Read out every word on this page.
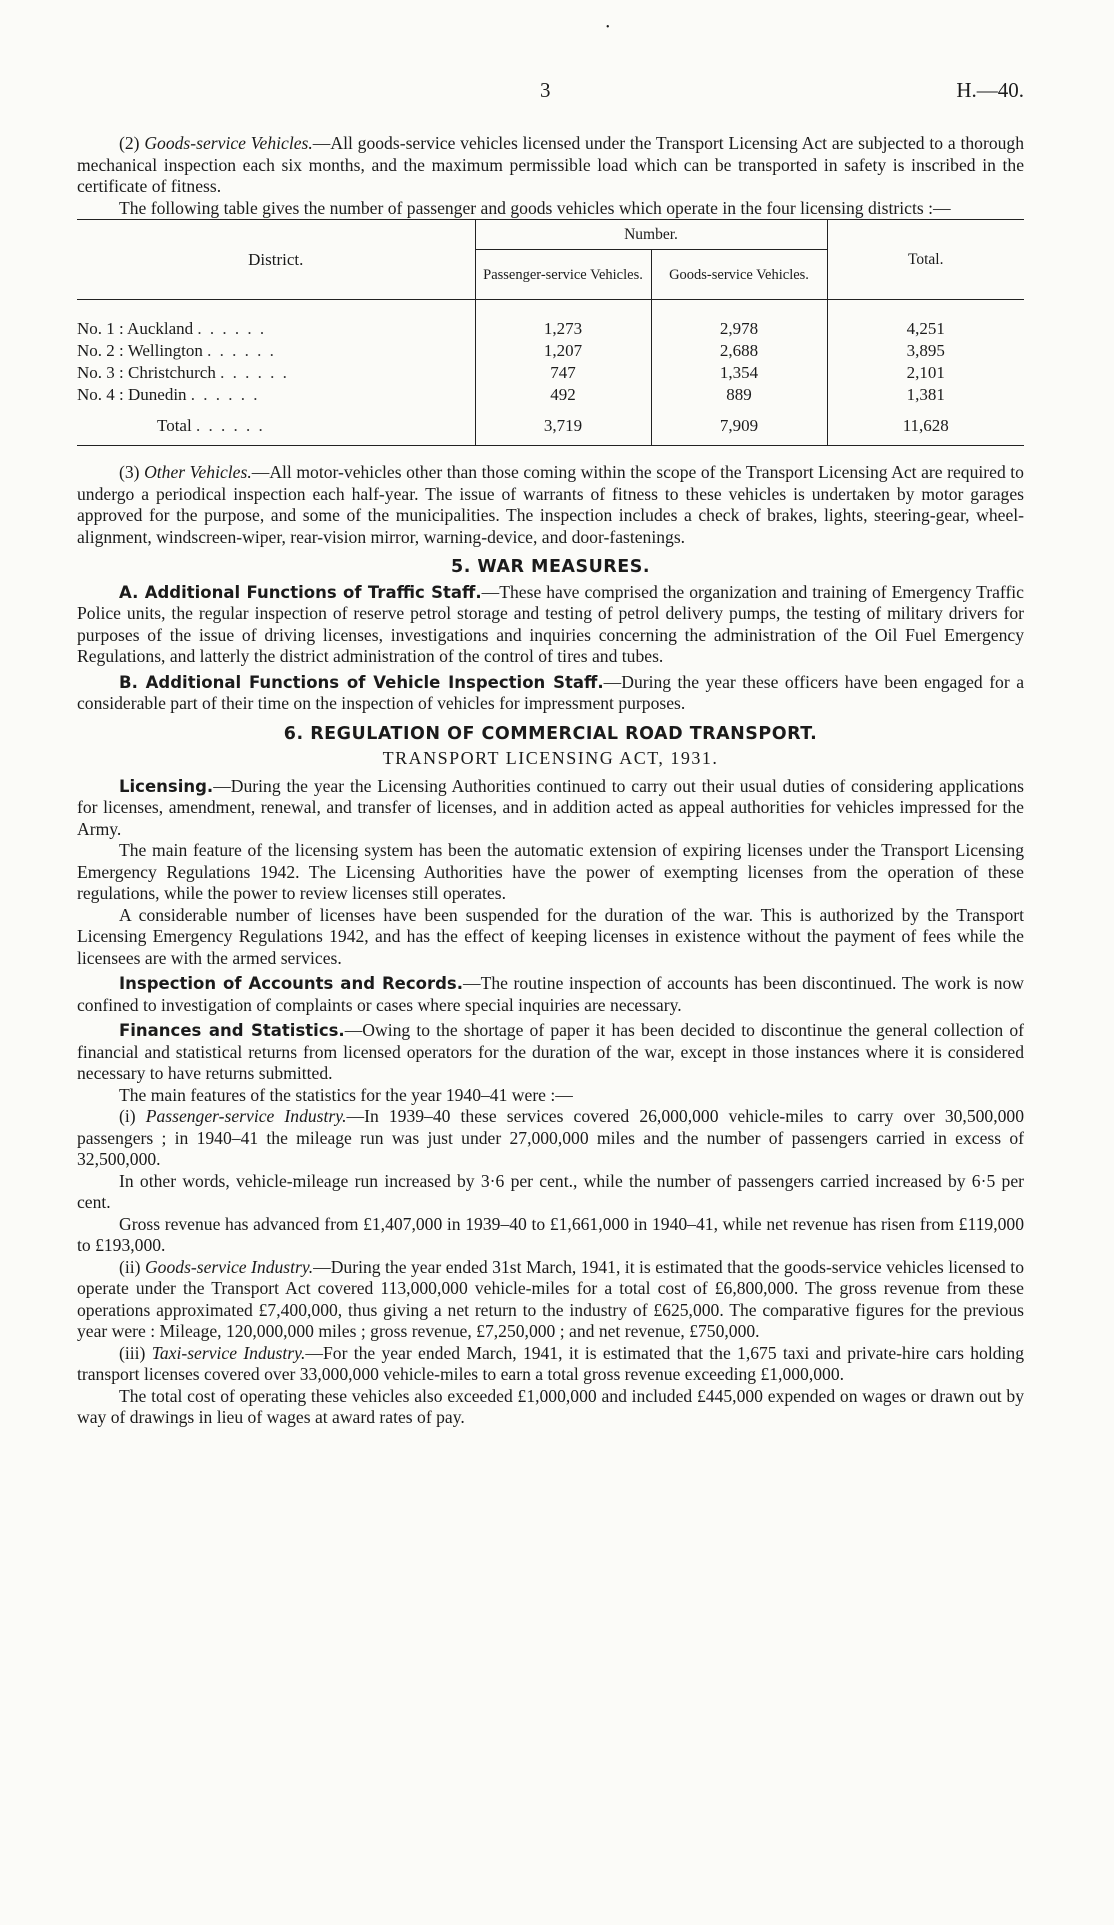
•
3	H.—40.

(2) Goods-service Vehicles.—All goods-service vehicles licensed under the Transport Licensing Act are subjected to a thorough mechanical inspection each six months, and the maximum permissible load which can be transported in safety is inscribed in the certificate of fitness.

The following table gives the number of passenger and goods vehicles which operate in the four licensing districts :—

District.	Number.		Total.
	Passenger-service Vehicles.	Goods-service Vehicles.	

No. 1 : Auckland . . . . . .	1,273	2,978	4,251
No. 2 : Wellington . . . . . .	1,207	2,688	3,895
No. 3 : Christchurch . . . . . .	747	1,354	2,101
No. 4 : Dunedin . . . . . .	492	889	1,381
Total . . . . . .	3,719	7,909	11,628

(3) Other Vehicles.—All motor-vehicles other than those coming within the scope of the Transport Licensing Act are required to undergo a periodical inspection each half-year. The issue of warrants of fitness to these vehicles is undertaken by motor garages approved for the purpose, and some of the municipalities. The inspection includes a check of brakes, lights, steering-gear, wheel-alignment, windscreen-wiper, rear-vision mirror, warning-device, and door-fastenings.

5. WAR MEASURES.

A. Additional Functions of Traffic Staff.—These have comprised the organization and training of Emergency Traffic Police units, the regular inspection of reserve petrol storage and testing of petrol delivery pumps, the testing of military drivers for purposes of the issue of driving licenses, investigations and inquiries concerning the administration of the Oil Fuel Emergency Regulations, and latterly the district administration of the control of tires and tubes.

B. Additional Functions of Vehicle Inspection Staff.—During the year these officers have been engaged for a considerable part of their time on the inspection of vehicles for impressment purposes.

6. REGULATION OF COMMERCIAL ROAD TRANSPORT.
TRANSPORT LICENSING ACT, 1931.

Licensing.—During the year the Licensing Authorities continued to carry out their usual duties of considering applications for licenses, amendment, renewal, and transfer of licenses, and in addition acted as appeal authorities for vehicles impressed for the Army.

The main feature of the licensing system has been the automatic extension of expiring licenses under the Transport Licensing Emergency Regulations 1942. The Licensing Authorities have the power of exempting licenses from the operation of these regulations, while the power to review licenses still operates.

A considerable number of licenses have been suspended for the duration of the war. This is authorized by the Transport Licensing Emergency Regulations 1942, and has the effect of keeping licenses in existence without the payment of fees while the licensees are with the armed services.

Inspection of Accounts and Records.—The routine inspection of accounts has been discontinued. The work is now confined to investigation of complaints or cases where special inquiries are necessary.

Finances and Statistics.—Owing to the shortage of paper it has been decided to discontinue the general collection of financial and statistical returns from licensed operators for the duration of the war, except in those instances where it is considered necessary to have returns submitted.

The main features of the statistics for the year 1940–41 were :—

(i) Passenger-service Industry.—In 1939–40 these services covered 26,000,000 vehicle-miles to carry over 30,500,000 passengers ; in 1940–41 the mileage run was just under 27,000,000 miles and the number of passengers carried in excess of 32,500,000.

In other words, vehicle-mileage run increased by 3·6 per cent., while the number of passengers carried increased by 6·5 per cent.

Gross revenue has advanced from £1,407,000 in 1939–40 to £1,661,000 in 1940–41, while net revenue has risen from £119,000 to £193,000.

(ii) Goods-service Industry.—During the year ended 31st March, 1941, it is estimated that the goods-service vehicles licensed to operate under the Transport Act covered 113,000,000 vehicle-miles for a total cost of £6,800,000. The gross revenue from these operations approximated £7,400,000, thus giving a net return to the industry of £625,000. The comparative figures for the previous year were : Mileage, 120,000,000 miles ; gross revenue, £7,250,000 ; and net revenue, £750,000.

(iii) Taxi-service Industry.—For the year ended March, 1941, it is estimated that the 1,675 taxi and private-hire cars holding transport licenses covered over 33,000,000 vehicle-miles to earn a total gross revenue exceeding £1,000,000.

The total cost of operating these vehicles also exceeded £1,000,000 and included £445,000 expended on wages or drawn out by way of drawings in lieu of wages at award rates of pay.
